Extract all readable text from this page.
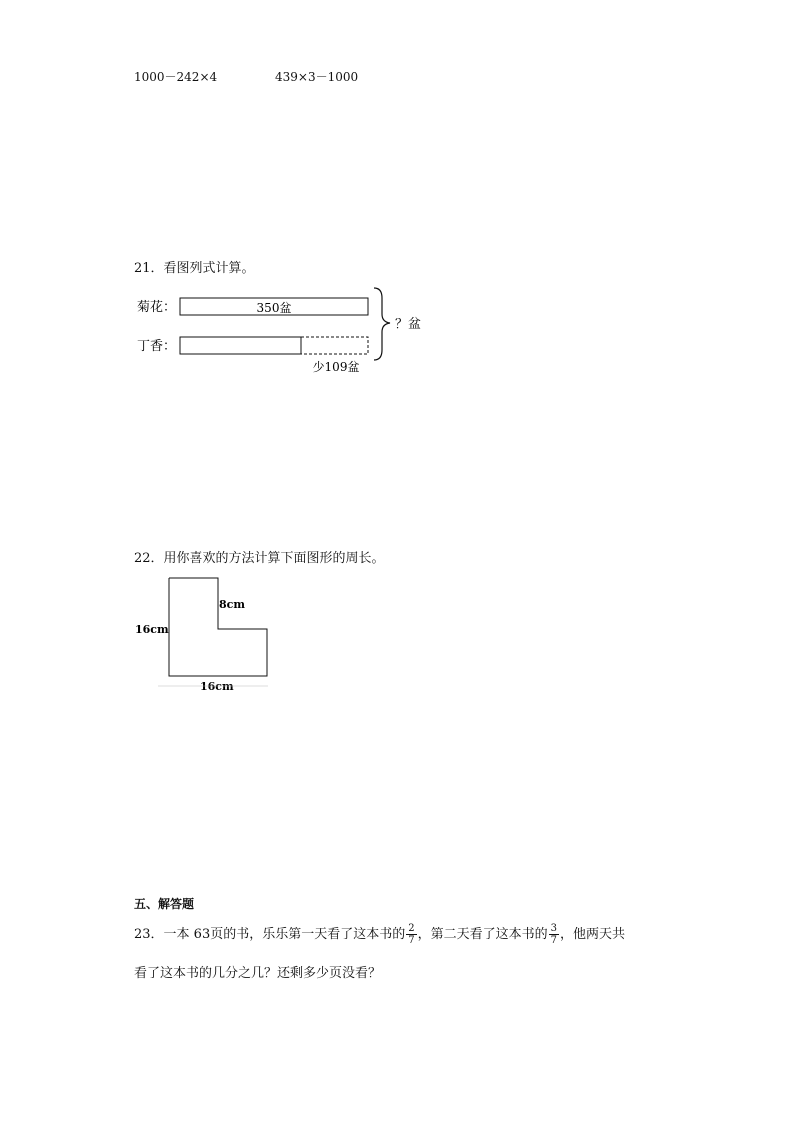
1000－242×4	439×3－1000
21．看图列式计算。
菊花：	350盆
丁香：
少109盆
？盆
22．用你喜欢的方法计算下面图形的周长。
8cm
16cm
16cm
五、解答题
23．一本 63页的书，乐乐第一天看了这本书的 $\frac{2}{7}$ ，第二天看了这本书的 $\frac{3}{7}$ ，他两天共
看了这本书的几分之几？还剩多少页没看？
